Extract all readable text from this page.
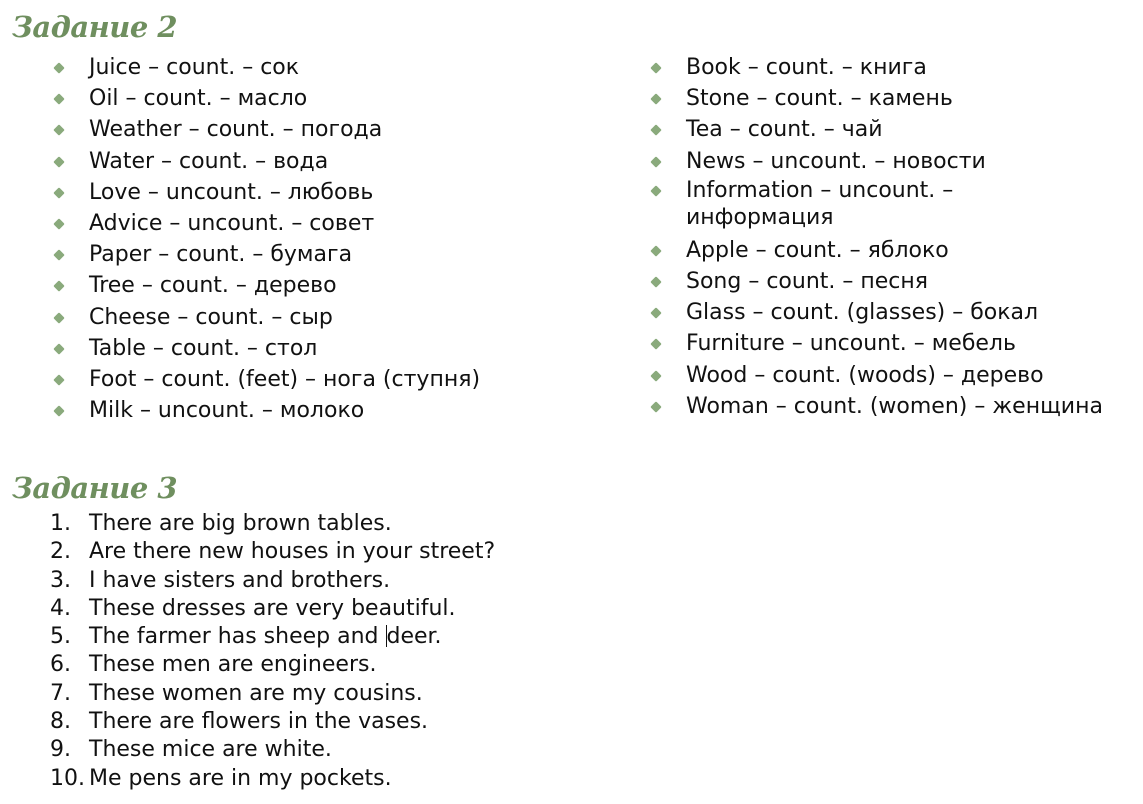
Задание 2
Juice – count. – сок
Oil – count. – масло
Weather – count. – погода
Water – count. – вода
Love – uncount. – любовь
Advice – uncount. – совет
Paper – count. – бумага
Tree – count. – дерево
Cheese – count. – сыр
Table – count. – стол
Foot – count. (feet) – нога (ступня)
Milk – uncount. – молоко
Book – count. – книга
Stone – count. – камень
Tea – count. – чай
News – uncount. – новости
Information – uncount. – информация
Apple – count. – яблоко
Song – count. – песня
Glass – count. (glasses) – бокал
Furniture – uncount. – мебель
Wood – count. (woods) – дерево
Woman – count. (women) – женщина
Задание 3
1. There are big brown tables.
2. Are there new houses in your street?
3. I have sisters and brothers.
4. These dresses are very beautiful.
5. The farmer has sheep and deer.
6. These men are engineers.
7. These women are my cousins.
8. There are flowers in the vases.
9. These mice are white.
10. Me pens are in my pockets.
